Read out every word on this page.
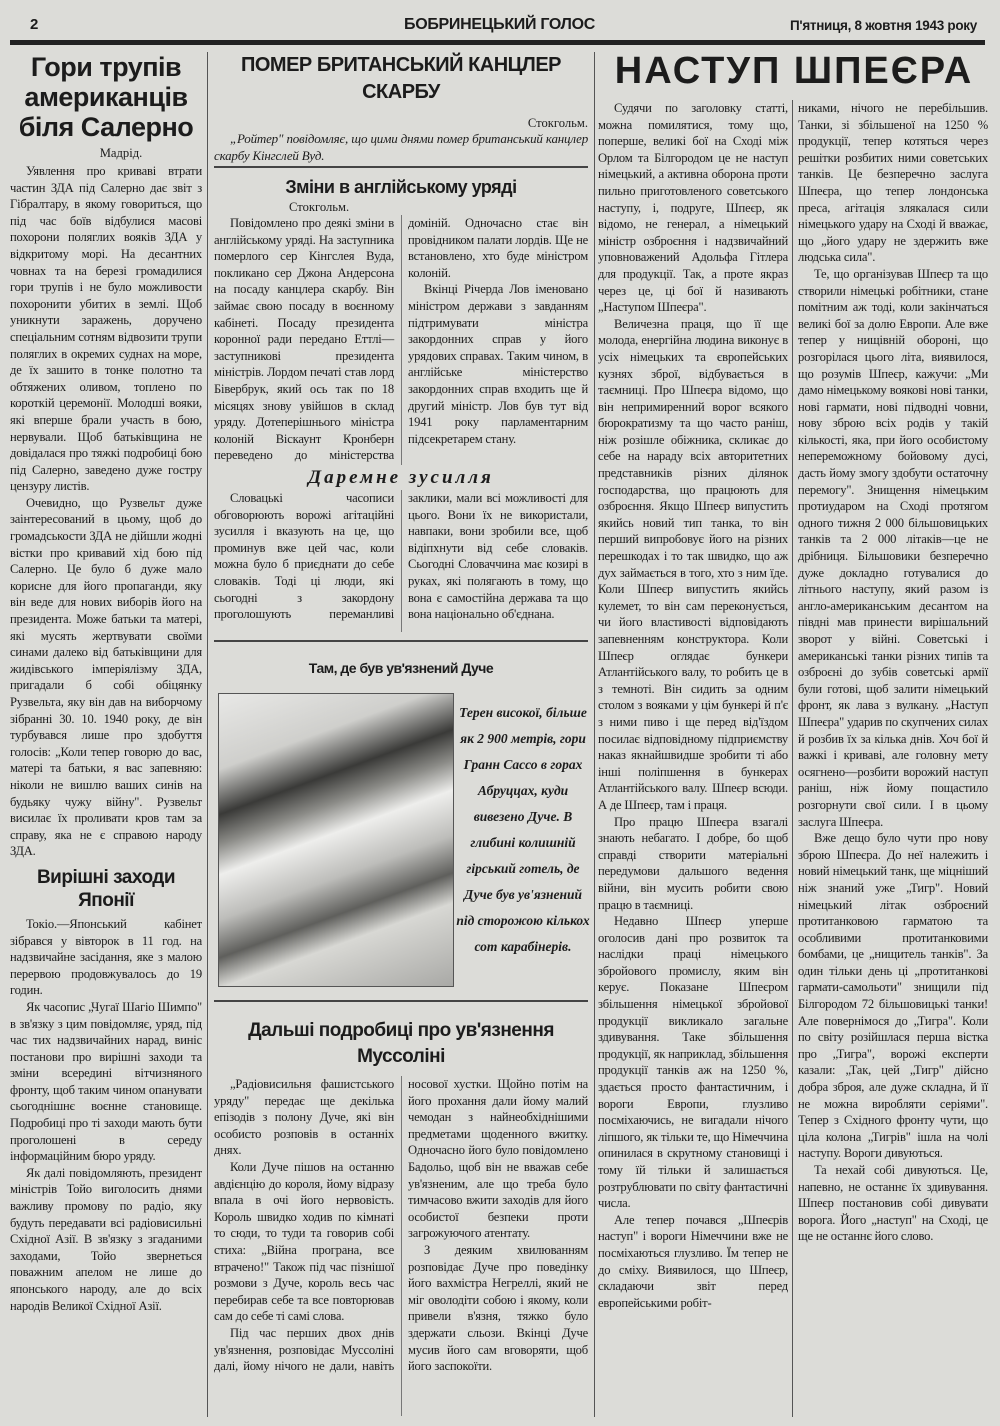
2	БОБРИНЕЦЬКИЙ ГОЛОС	П'ятниця, 8 жовтня 1943 року
Гори трупів американців біля Салерно
Мадрід.

Уявлення про криваві втрати частин ЗДА під Салерно дає звіт з Гібралтару, в якому говориться, що під час боїв відбулися масові похорони поляглих вояків ЗДА у відкритому морі. На десантних човнах та на березі громадилися гори трупів і не було можливости похоронити убитих в землі. Щоб уникнути заражень, доручено спеціальним сотням відвозити трупи поляглих в окремих суднах на море, де їх зашито в тонке полотно та обтяжених оливом, топлено по короткій церемонії. Молодші вояки, які вперше брали участь в бою, нервували. Щоб батьківщина не довідалася про тяжкі подробиці бою під Салерно, заведено дуже гостру цензуру листів.

Очевидно, що Рузвельт дуже заінтересований в цьому, щоб до громадськости ЗДА не дійшли жодні вістки про кривавий хід бою під Салерно. Це було б дуже мало корисне для його пропаганди, яку він веде для нових виборів його на президента. Може батьки та матері, які мусять жертвувати своїми синами далеко від батьківщини для жидівського імперіялізму ЗДА, пригадали б собі обіцянку Рузвельта, яку він дав на виборчому зібранні 30. 10. 1940 року, де він турбувався лише про здобуття голосів: „Коли тепер говорю до вас, матері та батьки, я вас запевняю: ніколи не вишлю ваших синів на будьяку чужу війну". Рузвельт висилає їх проливати кров там за справу, яка не є справою народу ЗДА.

Вирішні заходи Японії

Токіо.—Японський кабінет зібрався у вівторок в 11 год. на надзвичайне засідання, яке з малою перервою продовжувалось до 19 годин.

Як часопис „Чугаї Шагіо Шимпо" в зв'язку з цим повідомляє, уряд, під час тих надзвичайних нарад, виніс постанови про вирішні заходи та зміни всередині вітчизняного фронту, щоб таким чином опанувати сьогоднішнє воєнне становище. Подробиці про ті заходи мають бути проголошені в середу інформаційним бюро уряду.

Як далі повідомляють, президент міністрів Тойо виголосить днями важливу промову по радіо, яку будуть передавати всі радіовисильні Східної Азії. В зв'язку з згаданими заходами, Тойо звернеться поважним апелом не лише до японського народу, але до всіх народів Великої Східної Азії.

ПОМЕР БРИТАНСЬКИЙ КАНЦЛЕР СКАРБУ
Стокгольм.

„Ройтер" повідомляє, що цими днями помер британський канцлер скарбу Кінгслей Вуд.

Зміни в англійському уряді
Стокгольм.

Повідомлено про деякі зміни в англійському уряді. На заступника померлого сер Кінгслея Вуда, покликано сер Джона Андерсона на посаду канцлера скарбу. Він займає свою посаду в воєнному кабінеті. Посаду президента коронної ради передано Еттлі—заступникові президента міністрів. Лордом печаті став лорд Бівербрук, який ось так по 18 місяцях знову увійшов в склад уряду. Дотеперішнього міністра колоній Віскаунт Кронберн переведено до міністерства доміній. Одночасно стає він провідником палати лордів. Ще не встановлено, хто буде міністром колоній.

Вкінці Річерда Лов іменовано міністром держави з завданням підтримувати міністра закордонних справ у його урядових справах. Таким чином, в англійське міністерство закордонних справ входить ще й другий міністр. Лов був тут від 1941 року парламентарним підсекретарем стану.

Даремне зусилля

Словацькі часописи обговорюють ворожі агітаційні зусилля і вказують на це, що проминув вже цей час, коли можна було б приєднати до себе словаків. Тоді ці люди, які сьогодні з закордону проголошують переманливі заклики, мали всі можливості для цього. Вони їх не використали, навпаки, вони зробили все, щоб відіпхнути від себе словаків. Сьогодні Словаччина має козирі в руках, які полягають в тому, що вона є самостійна держава та що вона національно об'єднана.

Там, де був ув'язнений Дуче
Терен високої, більше як 2 900 метрів, гори Гранн Сассо в горах Абруццах, куди вивезено Дуче. В глибині колишній гірський готель, де Дуче був ув'язнений під сторожою кількох сот карабінерів.
Дальші подробиці про ув'язнення Муссоліні

„Радіовисильня фашистського уряду" передає ще декілька епізодів з полону Дуче, які він особисто розповів в останніх днях.

Коли Дуче пішов на останню авдієнцію до короля, йому відразу впала в очі його нервовість. Король швидко ходив по кімнаті то сюди, то туди та говорив собі стиха: „Війна програна, все втрачено!" Також під час пізнішої розмови з Дуче, король весь час перебирав себе та все повторював сам до себе ті самі слова.

Під час перших двох днів ув'язнення, розповідає Муссоліні далі, йому нічого не дали, навіть носової хустки. Щойно потім на його прохання дали йому малий чемодан з найнеобхіднішими предметами щоденного вжитку. Одночасно його було повідомлено Бадольо, щоб він не вважав себе ув'язненим, але що треба було тимчасово вжити заходів для його особистої безпеки проти загрожуючого атентату.

З деяким хвилюванням розповідає Дуче про поведінку його вахмістра Негреллі, який не міг оволодіти собою і якому, коли привели в'язня, тяжко було здержати сльози. Вкінці Дуче мусив його сам вговоряти, щоб його заспокоїти.

НАСТУП ШПЕЄРА

Судячи по заголовку статті, можна помилятися, тому що, поперше, великі бої на Сході між Орлом та Білгородом це не наступ німецький, а активна оборона проти пильно приготовленого советського наступу, і, подруге, Шпеєр, як відомо, не генерал, а німецький міністр озброєння і надзвичайний уповноважений Адольфа Гітлера для продукції. Так, а проте якраз через це, ці бої й називають „Наступом Шпеєра".

Величезна праця, що її ще молода, енергійна людина виконує в усіх німецьких та європейських кузнях зброї, відбувається в таємниці. Про Шпеєра відомо, що він непримиренний ворог всякого бюрократизму та що часто раніш, ніж розішле обіжника, скликає до себе на нараду всіх авторитетних представників різних ділянок господарства, що працюють для озброєння. Якщо Шпеєр випустить якийсь новий тип танка, то він перший випробовує його на різних перешкодах і то так швидко, що аж дух займається в того, хто з ним їде. Коли Шпеєр випустить якийсь кулемет, то він сам переконується, чи його властивості відповідають запевненням конструктора. Коли Шпеєр оглядає бункери Атлантійського валу, то робить це в з темноті. Він сидить за одним столом з вояками у цім бункері й п'є з ними пиво і ще перед від'їздом посилає відповідному підприємству наказ якнайшвидше зробити ті або інші поліпшення в бункерах Атлантійського валу. Шпеєр всюди. А де Шпеєр, там і праця.

Про працю Шпеєра взагалі знають небагато. І добре, бо щоб справді створити матеріальні передумови дальшого ведення війни, він мусить робити свою працю в таємниці.

Недавно Шпеєр уперше оголосив дані про розвиток та наслідки праці німецького збройового промислу, яким він керує. Показане Шпеєром збільшення німецької збройової продукції викликало загальне здивування. Таке збільшення продукції, як наприклад, збільшення продукції танків аж на 1250 %, здається просто фантастичним, і вороги Европи, глузливо посміхаючись, не вигадали нічого ліпшого, як тільки те, що Німеччина опинилася в скрутному становищі і тому їй тільки й залишається розтрублювати по світу фантастичні числа.

Але тепер почався „Шпеєрів наступ" і вороги Німеччини вже не посміхаються глузливо. Їм тепер не до сміху. Виявилося, що Шпеєр, складаючи звіт перед европейськими робіт-

никами, нічого не перебільшив. Танки, зі збільшеної на 1250 % продукції, тепер котяться через решітки розбитих ними советських танків. Це безперечно заслуга Шпеєра, що тепер лондонська преса, агітація злякалася сили німецького удару на Сході й вважає, що „його удару не здержить вже людська сила".

Те, що організував Шпеєр та що створили німецькі робітники, стане помітним аж тоді, коли закінчаться великі бої за долю Европи. Але вже тепер у нищівній обороні, що розгорілася цього літа, виявилося, що розумів Шпеєр, кажучи: „Ми дамо німецькому воякові нові танки, нові гармати, нові підводні човни, нову зброю всіх родів у такій кількості, яка, при його особистому непереможному бойовому дусі, дасть йому змогу здобути остаточну перемогу". Знищення німецьким протиударом на Сході протягом одного тижня 2 000 більшовицьких танків та 2 000 літаків—це не дрібниця. Більшовики безперечно дуже докладно готувалися до літнього наступу, який разом із англо-американським десантом на півдні мав принести вирішальний зворот у війні. Советські і американські танки різних типів та озброєні до зубів советські армії були готові, щоб залити німецький фронт, як лава з вулкану. „Наступ Шпеєра" ударив по скупчених силах й розбив їх за кілька днів. Хоч бої й важкі і криваві, але головну мету осягнено—розбити ворожий наступ раніш, ніж йому пощастило розгорнути свої сили. І в цьому заслуга Шпеєра.

Вже дещо було чути про нову зброю Шпеєра. До неї належить і новий німецький танк, ще міцніший ніж знаний уже „Тигр". Новий німецький літак озброєний протитанковою гарматою та особливими протитанковими бомбами, це „нищитель танків". За один тільки день ці „протитанкові гармати-самольоти" знищили під Білгородом 72 більшовицькі танки! Але повернімося до „Тигра". Коли по світу розійшлася перша вістка про „Тигра", ворожі експерти казали: „Так, цей „Тигр" дійсно добра зброя, але дуже складна, й її не можна виробляти серіями". Тепер з Східного фронту чути, що ціла колона „Тигрів" ішла на чолі наступу. Вороги дивуються.

Та нехай собі дивуються. Це, напевно, не останнє їх здивування. Шпеєр постановив собі дивувати ворога. Його „наступ" на Сході, це ще не останнє його слово.
